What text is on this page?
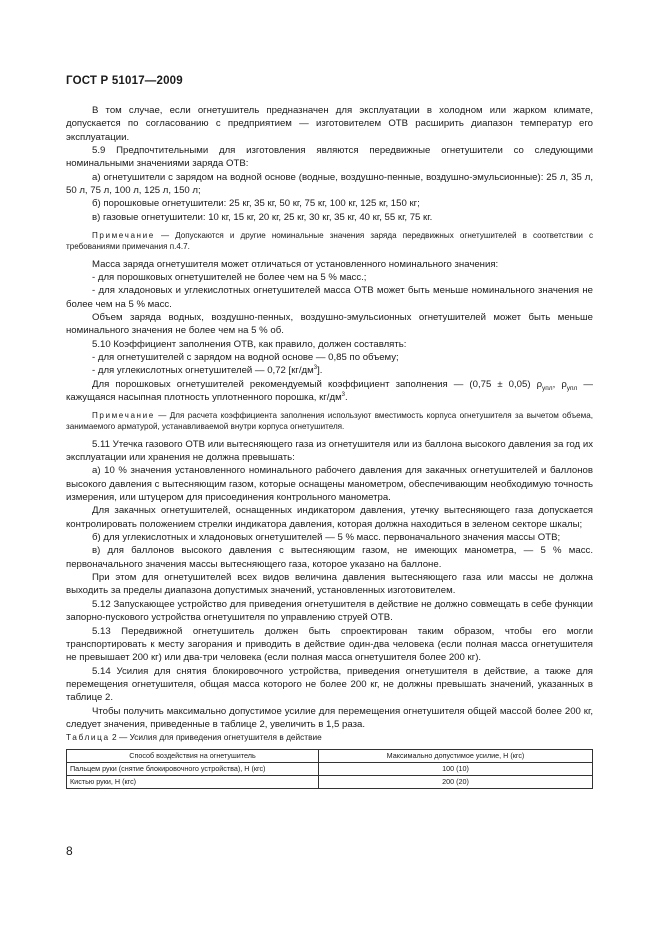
ГОСТ Р 51017—2009

В том случае, если огнетушитель предназначен для эксплуатации в холодном или жарком климате, допускается по согласованию с предприятием — изготовителем ОТВ расширить диапазон температур его эксплуатации.

5.9 Предпочтительными для изготовления являются передвижные огнетушители со следующими номинальными значениями заряда ОТВ:

а) огнетушители с зарядом на водной основе (водные, воздушно-пенные, воздушно-эмульсионные): 25 л, 35 л, 50 л, 75 л, 100 л, 125 л, 150 л;

б) порошковые огнетушители: 25 кг, 35 кг, 50 кг, 75 кг, 100 кг, 125 кг, 150 кг;

в) газовые огнетушители: 10 кг, 15 кг, 20 кг, 25 кг, 30 кг, 35 кг, 40 кг, 55 кг, 75 кг.

Примечание — Допускаются и другие номинальные значения заряда передвижных огнетушителей в соответствии с требованиями примечания п.4.7.

Масса заряда огнетушителя может отличаться от установленного номинального значения:

- для порошковых огнетушителей не более чем на 5 % масс.;

- для хладоновых и углекислотных огнетушителей масса ОТВ может быть меньше номинального значения не более чем на 5 % масс.

Объем заряда водных, воздушно-пенных, воздушно-эмульсионных огнетушителей может быть меньше номинального значения не более чем на 5 % об.

5.10 Коэффициент заполнения ОТВ, как правило, должен составлять:

- для огнетушителей с зарядом на водной основе — 0,85 по объему;

- для углекислотных огнетушителей — 0,72 $[кг/дм^3]$.

Для порошковых огнетушителей рекомендуемый коэффициент заполнения — (0,75 ± 0,05) $\rho_{упл}$, $\rho_{упл}$ — кажущаяся насыпная плотность уплотненного порошка, $кг/дм^3$.

Примечание — Для расчета коэффициента заполнения используют вместимость корпуса огнетушителя за вычетом объема, занимаемого арматурой, устанавливаемой внутри корпуса огнетушителя.

5.11 Утечка газового ОТВ или вытесняющего газа из огнетушителя или из баллона высокого давления за год их эксплуатации или хранения не должна превышать:

а) 10 % значения установленного номинального рабочего давления для закачных огнетушителей и баллонов высокого давления с вытесняющим газом, которые оснащены манометром, обеспечивающим необходимую точность измерения, или штуцером для присоединения контрольного манометра.

Для закачных огнетушителей, оснащенных индикатором давления, утечку вытесняющего газа допускается контролировать положением стрелки индикатора давления, которая должна находиться в зеленом секторе шкалы;

б) для углекислотных и хладоновых огнетушителей — 5 % масс. первоначального значения массы ОТВ;

в) для баллонов высокого давления с вытесняющим газом, не имеющих манометра, — 5 % масс. первоначального значения массы вытесняющего газа, которое указано на баллоне.

При этом для огнетушителей всех видов величина давления вытесняющего газа или массы не должна выходить за пределы диапазона допустимых значений, установленных изготовителем.

5.12 Запускающее устройство для приведения огнетушителя в действие не должно совмещать в себе функции запорно-пускового устройства огнетушителя по управлению струей ОТВ.

5.13 Передвижной огнетушитель должен быть спроектирован таким образом, чтобы его могли транспортировать к месту загорания и приводить в действие один-два человека (если полная масса огнетушителя не превышает 200 кг) или два-три человека (если полная масса огнетушителя более 200 кг).

5.14 Усилия для снятия блокировочного устройства, приведения огнетушителя в действие, а также для перемещения огнетушителя, общая масса которого не более 200 кг, не должны превышать значений, указанных в таблице 2.

Чтобы получить максимально допустимое усилие для перемещения огнетушителя общей массой более 200 кг, следует значения, приведенные в таблице 2, увеличить в 1,5 раза.

Таблица 2 — Усилия для приведения огнетушителя в действие

Способ воздействия на огнетушитель	Максимально допустимое усилие, Н (кгс)
Пальцем руки (снятие блокировочного устройства), Н (кгс)	100 (10)
Кистью руки, Н (кгс)	200 (20)
8
